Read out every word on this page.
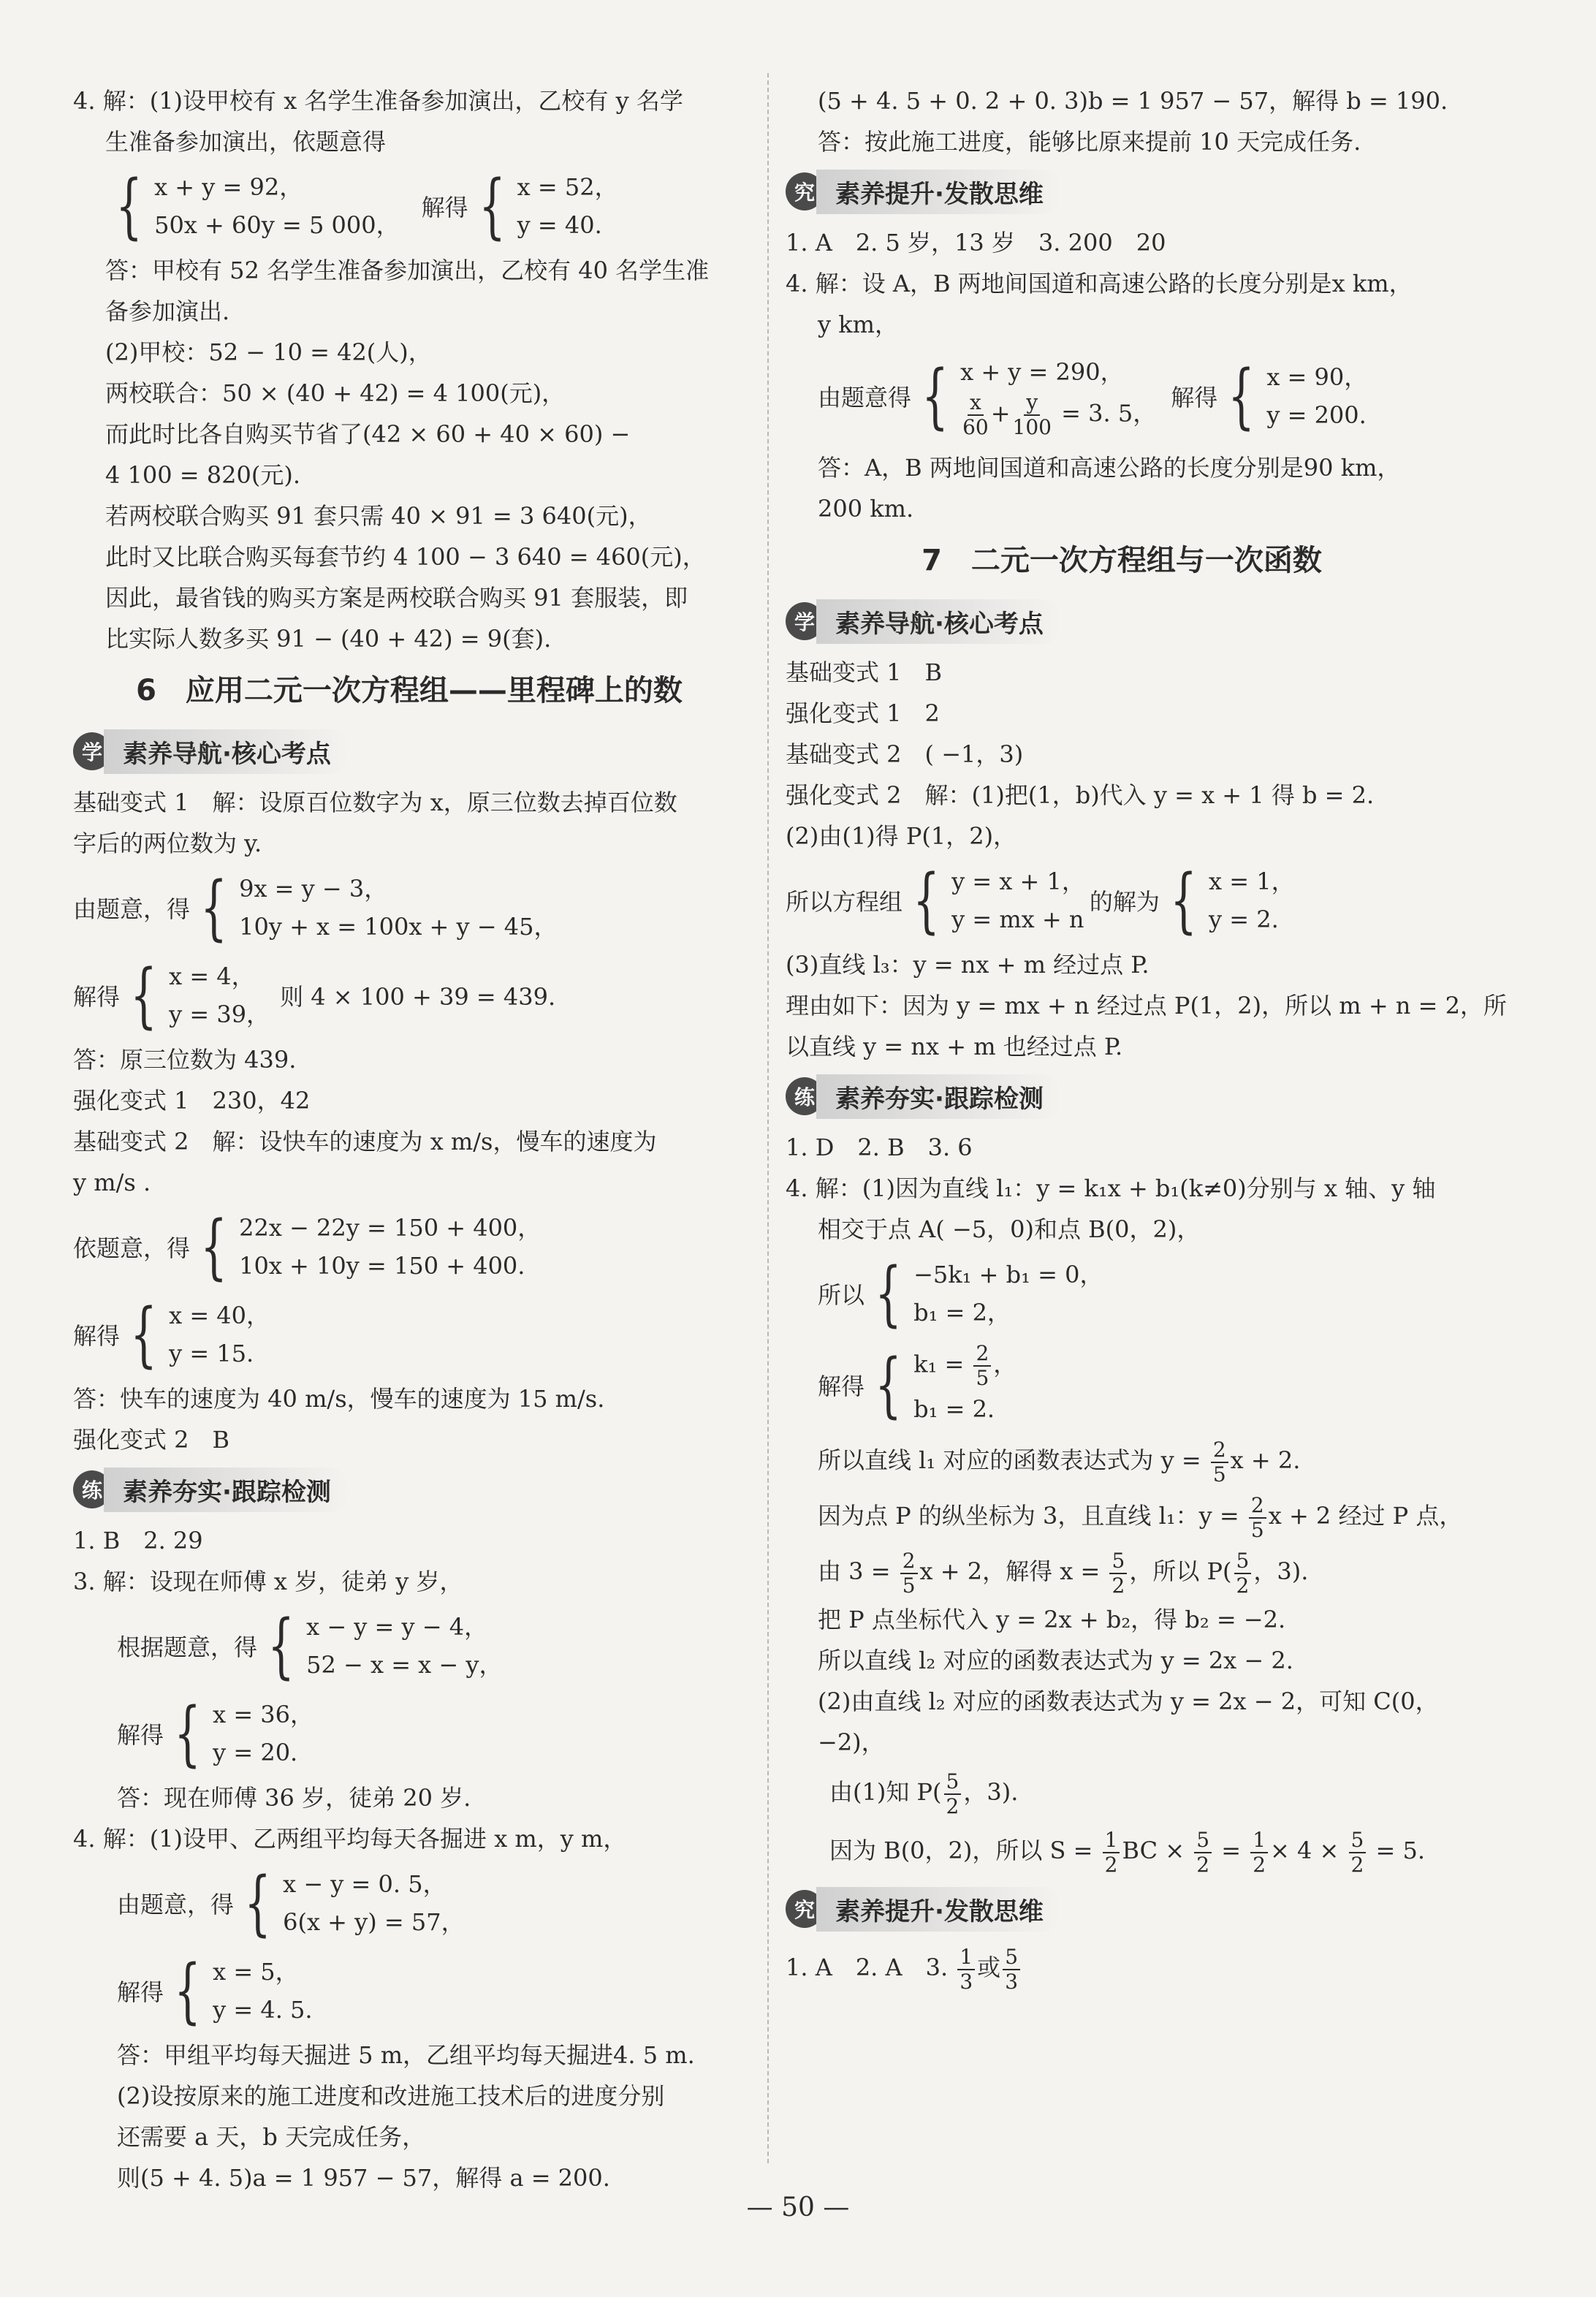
4. 解：(1)设甲校有 x 名学生准备参加演出，乙校有 y 名学
生准备参加演出，依题意得
{ x + y = 92，
50x + 60y = 5 000，
解得 { x = 52，
y = 40.
答：甲校有 52 名学生准备参加演出，乙校有 40 名学生准
备参加演出.
(2)甲校：52 − 10 = 42(人)，
两校联合：50 × (40 + 42) = 4 100(元)，
而此时比各自购买节省了(42 × 60 + 40 × 60) −
4 100 = 820(元).
若两校联合购买 91 套只需 40 × 91 = 3 640(元)，
此时又比联合购买每套节约 4 100 − 3 640 = 460(元)，
因此，最省钱的购买方案是两校联合购买 91 套服装，即
比实际人数多买 91 − (40 + 42) = 9(套).
6　应用二元一次方程组——里程碑上的数
学 素养导航·核心考点
基础变式 1　解：设原百位数字为 x，原三位数去掉百位数
字后的两位数为 y.
由题意，得 { 9x = y − 3，
10y + x = 100x + y − 45，
解得 { x = 4，
y = 39，
则 4 × 100 + 39 = 439.
答：原三位数为 439.
强化变式 1　230，42
基础变式 2　解：设快车的速度为 x m/s，慢车的速度为
y m/s .
依题意，得 { 22x − 22y = 150 + 400，
10x + 10y = 150 + 400.
解得 { x = 40，
y = 15.
答：快车的速度为 40 m/s，慢车的速度为 15 m/s.
强化变式 2　B
练 素养夯实·跟踪检测
1. B　2. 29
3. 解：设现在师傅 x 岁，徒弟 y 岁，
根据题意，得 { x − y = y − 4，
52 − x = x − y，
解得 { x = 36，
y = 20.
答：现在师傅 36 岁，徒弟 20 岁.
4. 解：(1)设甲、乙两组平均每天各掘进 x m，y m，
由题意，得 { x − y = 0. 5，
6(x + y) = 57，
解得 { x = 5，
y = 4. 5.
答：甲组平均每天掘进 5 m，乙组平均每天掘进4. 5 m.
(2)设按原来的施工进度和改进施工技术后的进度分别
还需要 a 天，b 天完成任务，
则(5 + 4. 5)a = 1 957 − 57，解得 a = 200.
(5 + 4. 5 + 0. 2 + 0. 3)b = 1 957 − 57，解得 b = 190.
答：按此施工进度，能够比原来提前 10 天完成任务.
究 素养提升·发散思维
1. A　2. 5 岁，13 岁　3. 200　20
4. 解：设 A，B 两地间国道和高速公路的长度分别是x km，
y km，
由题意得 { x + y = 290，
$\frac{x}{60} + \frac{y}{100} = 3$. 5，
解得 { x = 90，
y = 200.
答：A，B 两地间国道和高速公路的长度分别是90 km，
200 km.
7　二元一次方程组与一次函数
学 素养导航·核心考点
基础变式 1　B
强化变式 1　2
基础变式 2　( −1，3)
强化变式 2　解：(1)把(1，b)代入 y = x + 1 得 b = 2.
(2)由(1)得 P(1，2)，
所以方程组 { y = x + 1，
y = mx + n
的解为 { x = 1，
y = 2.
(3)直线 l₃：y = nx + m 经过点 P.
理由如下：因为 y = mx + n 经过点 P(1，2)，所以 m + n = 2，所
以直线 y = nx + m 也经过点 P.
练 素养夯实·跟踪检测
1. D　2. B　3. 6
4. 解：(1)因为直线 l₁：y = k₁x + b₁(k≠0)分别与 x 轴、y 轴
相交于点 A( −5，0)和点 B(0，2)，
所以 { −5k₁ + b₁ = 0，
b₁ = 2，
解得 { $k_1 = \frac{2}{5}$ ，
b₁ = 2.
所以直线 l₁ 对应的函数表达式为 $y = \frac{2}{5}$ x + 2.
因为点 P 的纵坐标为 3，且直线 l₁：$y = \frac{2}{5}$ x + 2 经过 P 点，
由 $3 = \frac{2}{5}$ x + 2，解得 $x = \frac{5}{2}$ ，所以 $P( \frac{5}{2}$ ，3).
把 P 点坐标代入 y = 2x + b₂，得 b₂ = −2.
所以直线 l₂ 对应的函数表达式为 y = 2x − 2.
(2)由直线 l₂ 对应的函数表达式为 y = 2x − 2，可知 C(0，
−2)，
由(1)知 $P( \frac{5}{2}$ ，3).
因为 B(0，2)，所以 $S = \frac{1}{2}$ BC × $\frac{5}{2} = \frac{1}{2} \times 4 \times \frac{5}{2} = 5$.
究 素养提升·发散思维
1. A　2. A　3. $\frac{1}{3}$ 或 $\frac{5}{3}$
— 50 —
